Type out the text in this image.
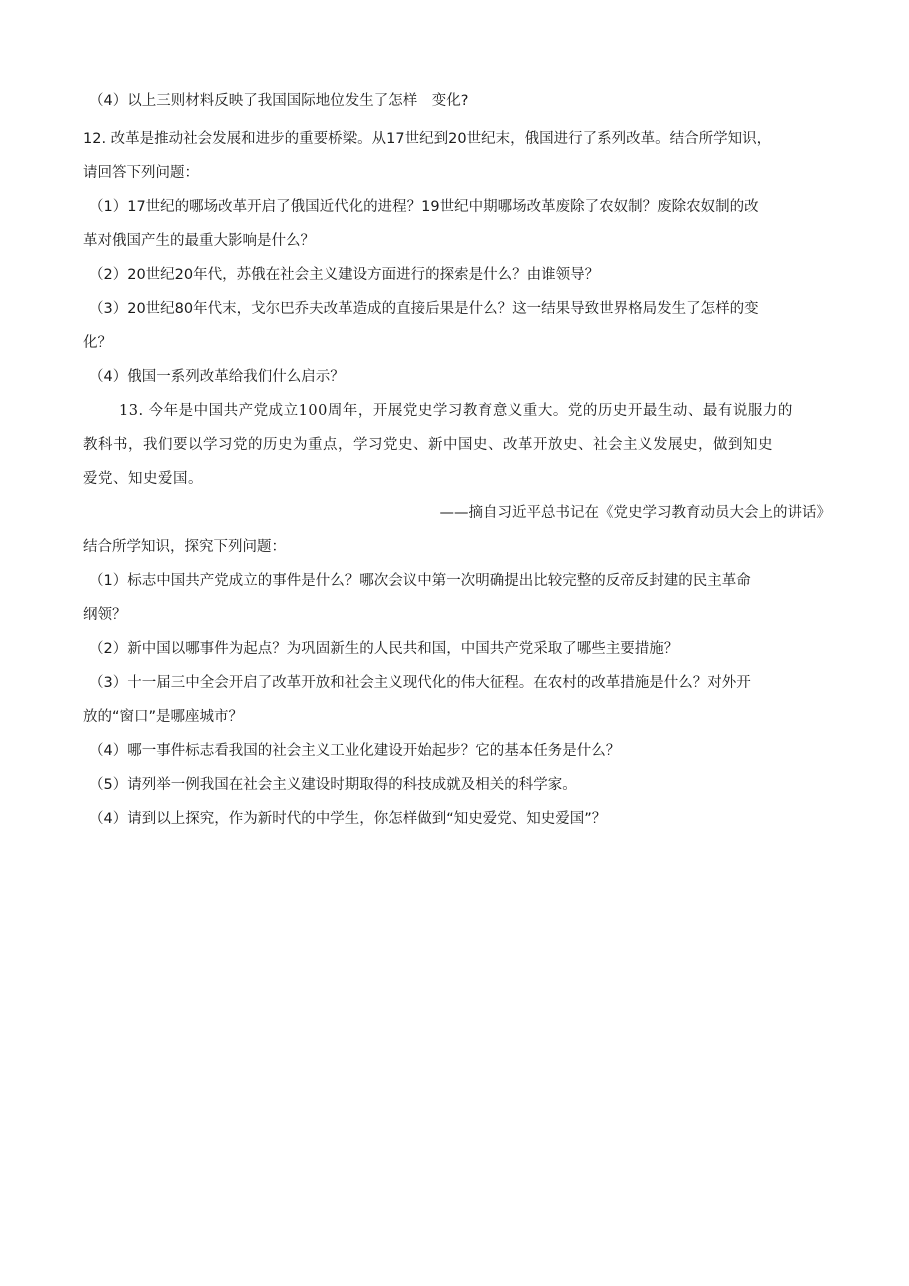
（4）以上三则材料反映了我国国际地位发生了怎样　变化?
12. 改革是推动社会发展和进步的重要桥梁。从17世纪到20世纪末，俄国进行了系列改革。结合所学知识，
请回答下列问题：
（1）17世纪的哪场改革开启了俄国近代化的进程？19世纪中期哪场改革废除了农奴制？废除农奴制的改
革对俄国产生的最重大影响是什么？
（2）20世纪20年代，苏俄在社会主义建设方面进行的探索是什么？由谁领导？
（3）20世纪80年代末，戈尔巴乔夫改革造成的直接后果是什么？这一结果导致世界格局发生了怎样的变
化？
（4）俄国一系列改革给我们什么启示？
13. 今年是中国共产党成立100周年，开展党史学习教育意义重大。党的历史开最生动、最有说服力的
教科书，我们要以学习党的历史为重点，学习党史、新中国史、改革开放史、社会主义发展史，做到知史
爱党、知史爱国。
——摘自习近平总书记在《党史学习教育动员大会上的讲话》
结合所学知识，探究下列问题：
（1）标志中国共产党成立的事件是什么？哪次会议中第一次明确提出比较完整的反帝反封建的民主革命
纲领？
（2）新中国以哪事件为起点？为巩固新生的人民共和国，中国共产党采取了哪些主要措施？
（3）十一届三中全会开启了改革开放和社会主义现代化的伟大征程。在农村的改革措施是什么？对外开
放的“窗口”是哪座城市？
（4）哪一事件标志看我国的社会主义工业化建设开始起步？它的基本任务是什么？
（5）请列举一例我国在社会主义建设时期取得的科技成就及相关的科学家。
（4）请到以上探究，作为新时代的中学生，你怎样做到“知史爱党、知史爱国”？
